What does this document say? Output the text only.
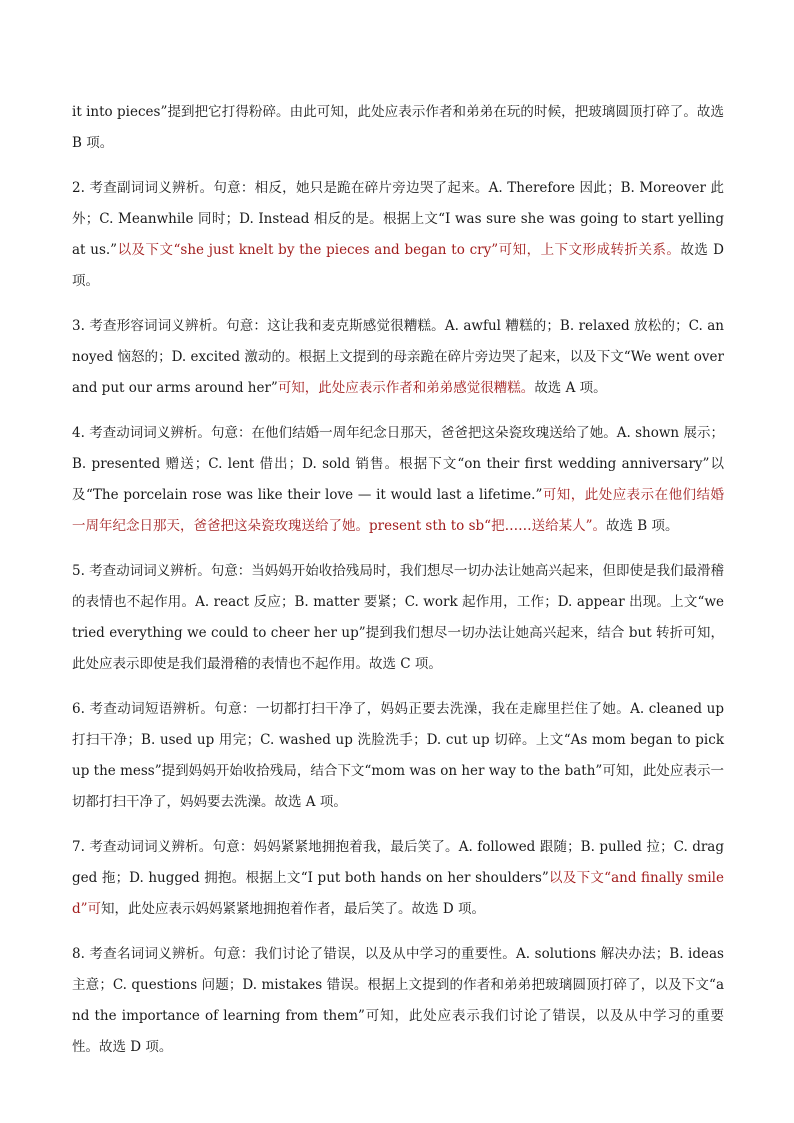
it into pieces”提到把它打得粉碎。由此可知，此处应表示作者和弟弟在玩的时候，把玻璃圆顶打碎了。故选 B 项。

2. 考查副词词义辨析。句意：相反，她只是跪在碎片旁边哭了起来。A. Therefore 因此；B. Moreover 此外；C. Meanwhile 同时；D. Instead 相反的是。根据上文“I was sure she was going to start yelling at us.”以及下文“she just knelt by the pieces and began to cry”可知，上下文形成转折关系。故选 D 项。

3. 考查形容词词义辨析。句意：这让我和麦克斯感觉很糟糕。A. awful 糟糕的；B. relaxed 放松的；C. annoyed 恼怒的；D. excited 激动的。根据上文提到的母亲跪在碎片旁边哭了起来，以及下文“We went over and put our arms around her”可知，此处应表示作者和弟弟感觉很糟糕。故选 A 项。

4. 考查动词词义辨析。句意：在他们结婚一周年纪念日那天，爸爸把这朵瓷玫瑰送给了她。A. shown 展示；B. presented 赠送；C. lent 借出；D. sold 销售。根据下文“on their first wedding anniversary”以及“The porcelain rose was like their love — it would last a lifetime.”可知，此处应表示在他们结婚一周年纪念日那天，爸爸把这朵瓷玫瑰送给了她。present sth to sb“把……送给某人”。故选 B 项。

5. 考查动词词义辨析。句意：当妈妈开始收拾残局时，我们想尽一切办法让她高兴起来，但即使是我们最滑稽的表情也不起作用。A. react 反应；B. matter 要紧；C. work 起作用，工作；D. appear 出现。上文“we tried everything we could to cheer her up”提到我们想尽一切办法让她高兴起来，结合 but 转折可知，此处应表示即使是我们最滑稽的表情也不起作用。故选 C 项。

6. 考查动词短语辨析。句意：一切都打扫干净了，妈妈正要去洗澡，我在走廊里拦住了她。A. cleaned up 打扫干净；B. used up 用完；C. washed up 洗脸洗手；D. cut up 切碎。上文“As mom began to pick up the mess”提到妈妈开始收拾残局，结合下文“mom was on her way to the bath”可知，此处应表示一切都打扫干净了，妈妈要去洗澡。故选 A 项。

7. 考查动词词义辨析。句意：妈妈紧紧地拥抱着我，最后笑了。A. followed 跟随；B. pulled 拉；C. dragged 拖；D. hugged 拥抱。根据上文“I put both hands on her shoulders”以及下文“and finally smiled”可知，此处应表示妈妈紧紧地拥抱着作者，最后笑了。故选 D 项。

8. 考查名词词义辨析。句意：我们讨论了错误，以及从中学习的重要性。A. solutions 解决办法；B. ideas 主意；C. questions 问题；D. mistakes 错误。根据上文提到的作者和弟弟把玻璃圆顶打碎了，以及下文“and the importance of learning from them”可知，此处应表示我们讨论了错误，以及从中学习的重要性。故选 D 项。
